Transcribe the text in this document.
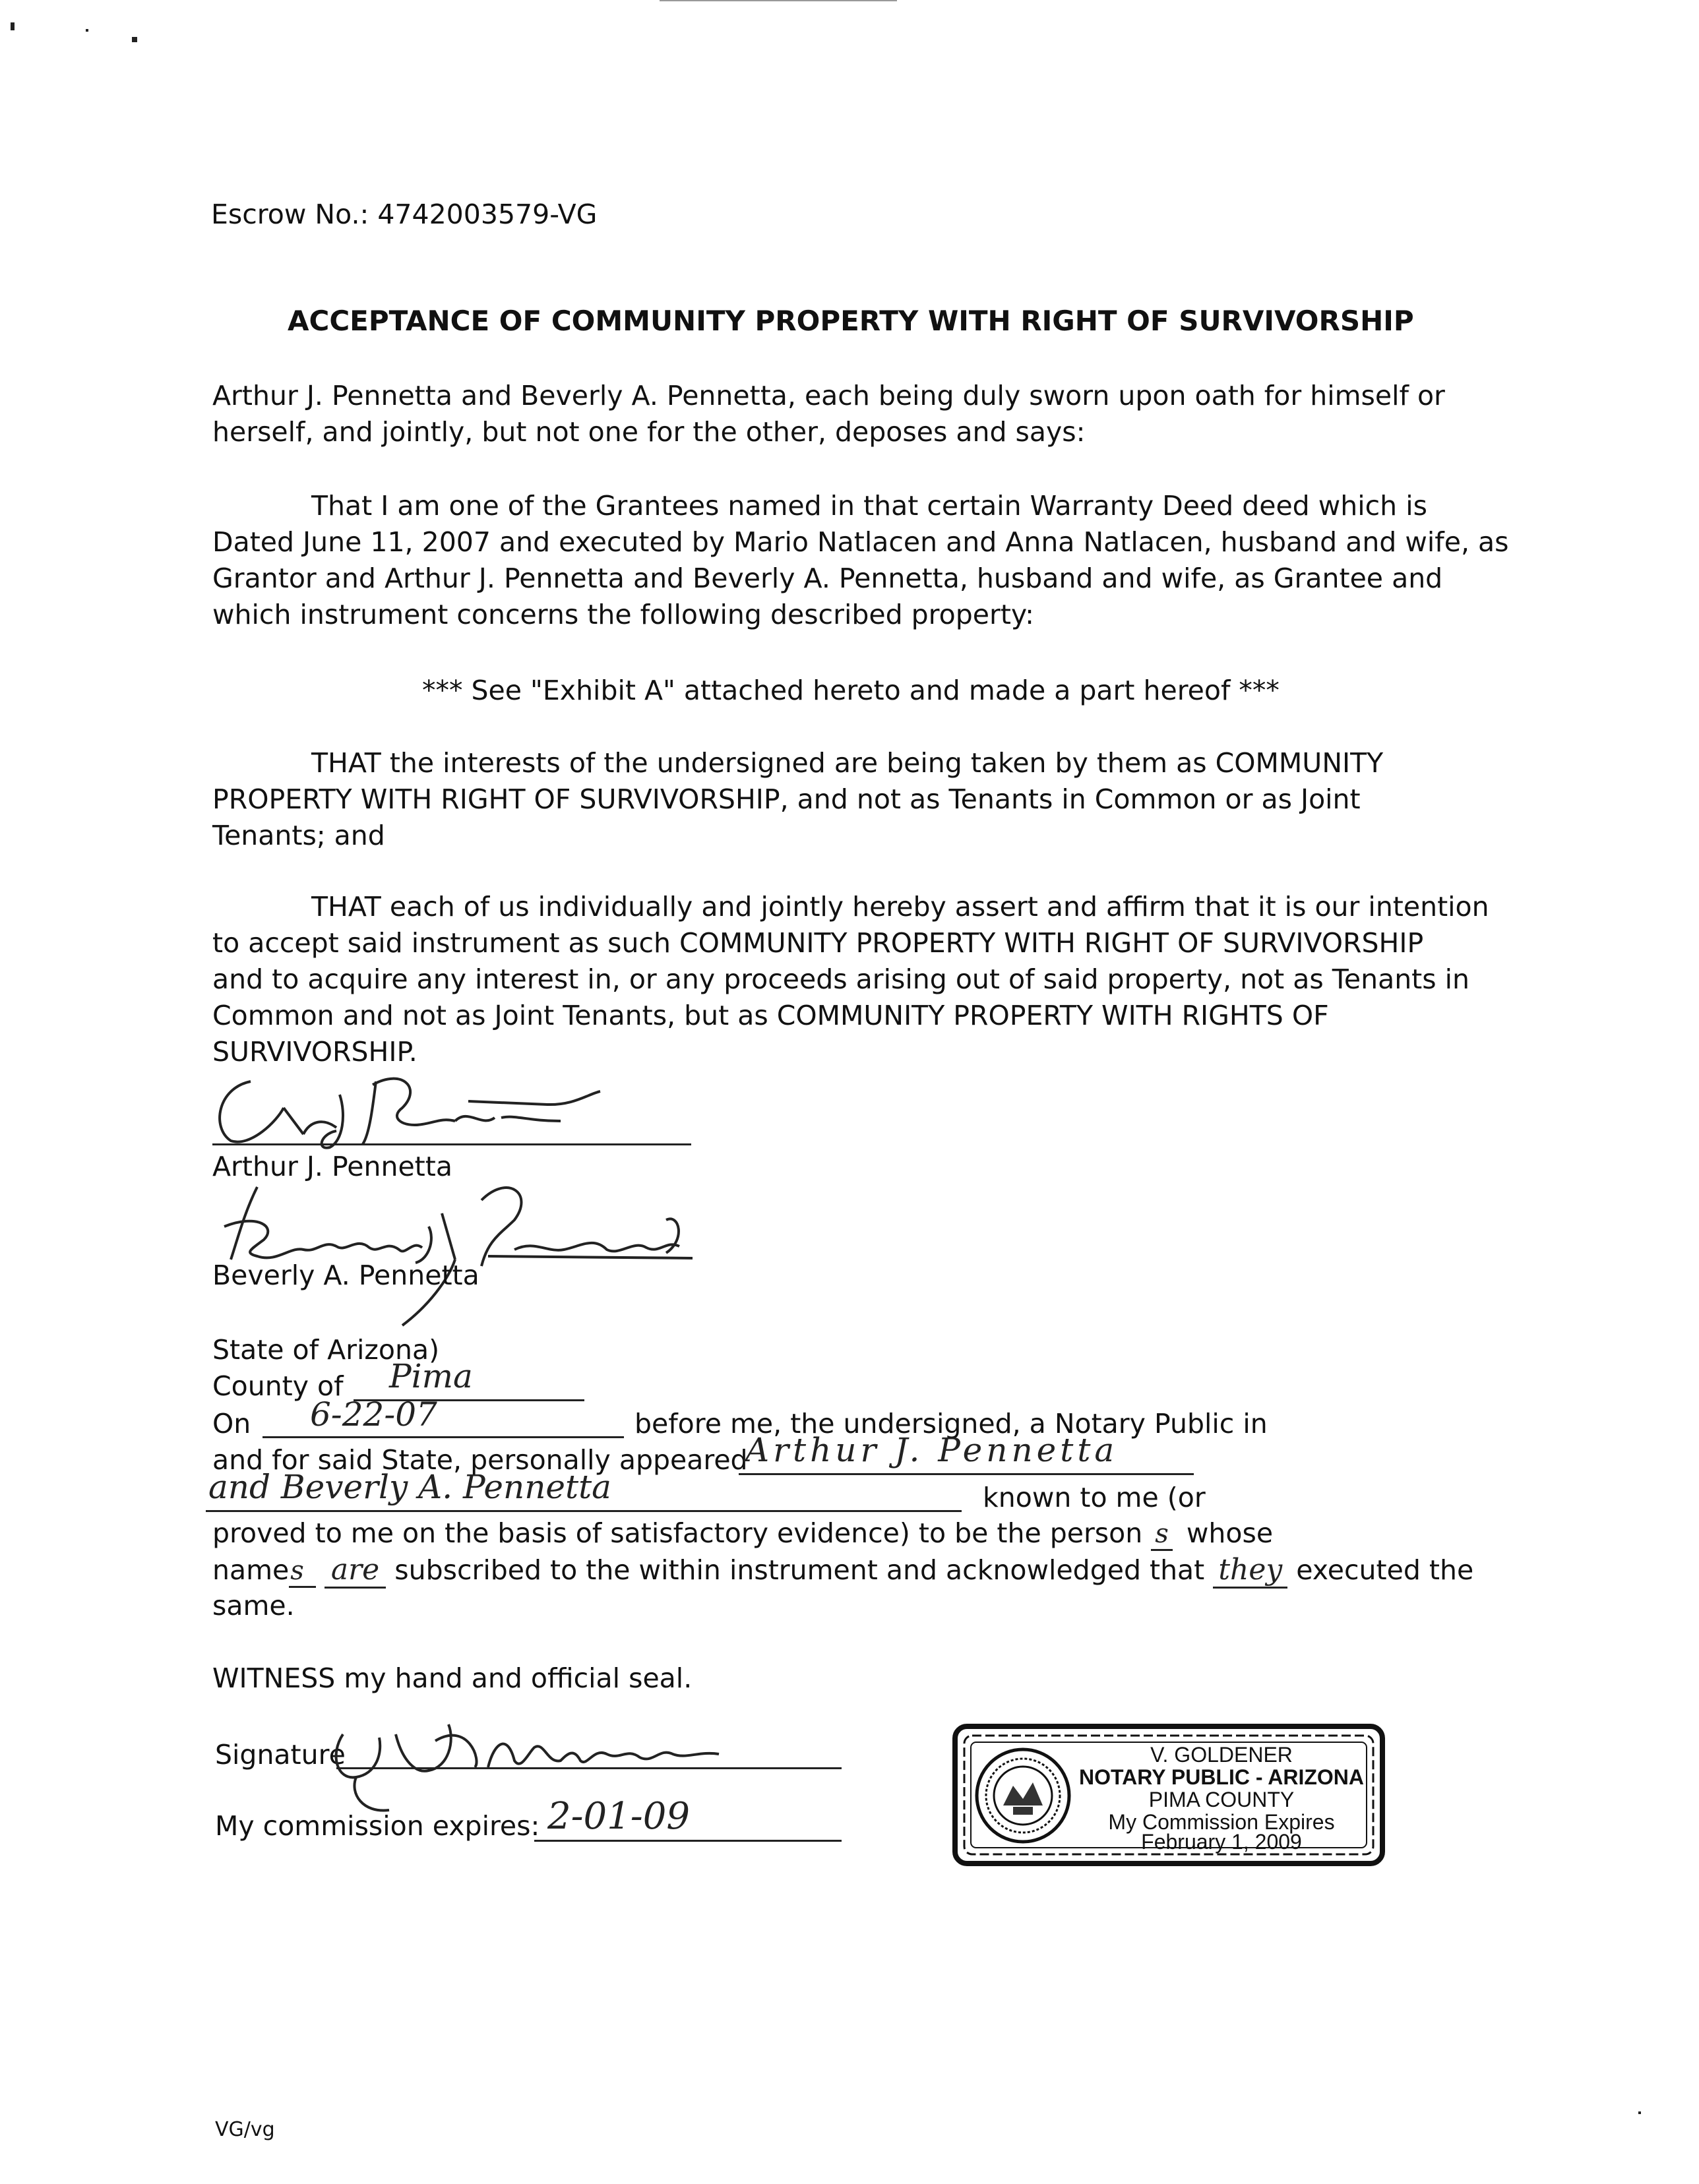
Escrow No.: 4742003579-VG
ACCEPTANCE OF COMMUNITY PROPERTY WITH RIGHT OF SURVIVORSHIP
Arthur J. Pennetta and Beverly A. Pennetta, each being duly sworn upon oath for himself or
herself, and jointly, but not one for the other, deposes and says:
That I am one of the Grantees named in that certain Warranty Deed deed which is
Dated June 11, 2007 and executed by Mario Natlacen and Anna Natlacen, husband and wife, as
Grantor and Arthur J. Pennetta and Beverly A. Pennetta, husband and wife, as Grantee and
which instrument concerns the following described property:
*** See "Exhibit A" attached hereto and made a part hereof ***
THAT the interests of the undersigned are being taken by them as COMMUNITY
PROPERTY WITH RIGHT OF SURVIVORSHIP, and not as Tenants in Common or as Joint
Tenants; and
THAT each of us individually and jointly hereby assert and affirm that it is our intention
to accept said instrument as such COMMUNITY PROPERTY WITH RIGHT OF SURVIVORSHIP
and to acquire any interest in, or any proceeds arising out of said property, not as Tenants in
Common and not as Joint Tenants, but as COMMUNITY PROPERTY WITH RIGHTS OF
SURVIVORSHIP.
Arthur J. Pennetta
Beverly A. Pennetta
State of Arizona)
County of Pima
On 6-22-07	before me, the undersigned, a Notary Public in
and for said State, personally appeared
Arthur J. Pennetta
and Beverly A. Pennetta	known to me (or
proved to me on the basis of satisfactory evidence) to be the person s whose
names are subscribed to the within instrument and acknowledged that they executed the
same.
WITNESS my hand and official seal.
Signature
My commission expires: 2-01-09
V. GOLDENER
NOTARY PUBLIC - ARIZONA
PIMA COUNTY
My Commission Expires
February 1, 2009
VG/vg
